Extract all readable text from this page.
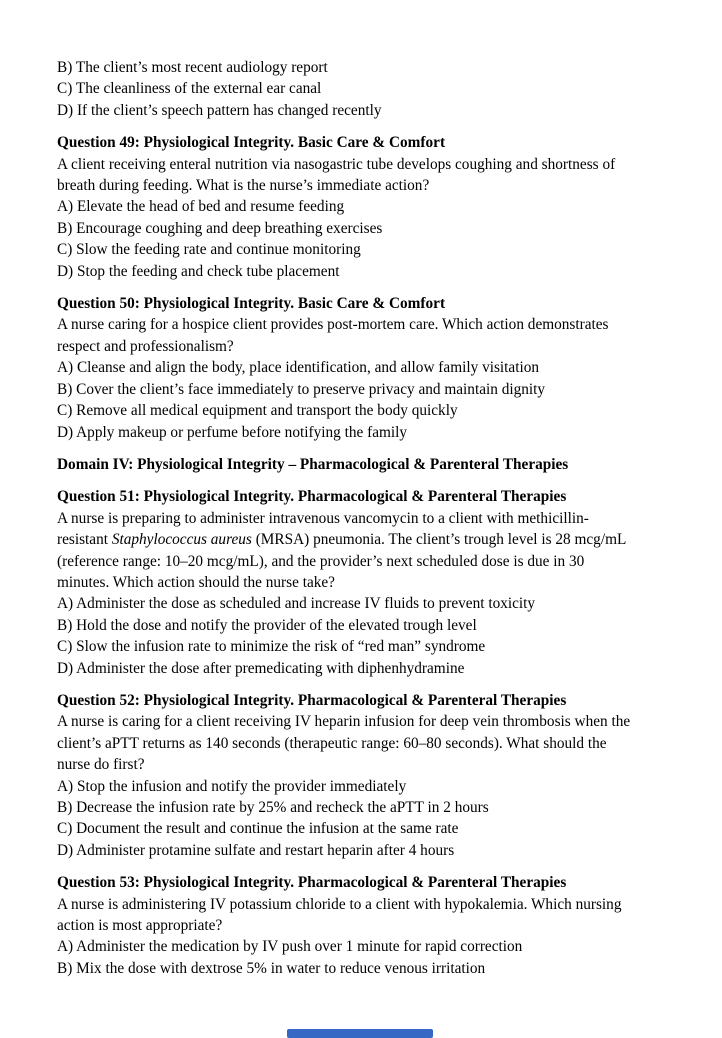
B) The client’s most recent audiology report
C) The cleanliness of the external ear canal
D) If the client’s speech pattern has changed recently
Question 49: Physiological Integrity. Basic Care & Comfort
A client receiving enteral nutrition via nasogastric tube develops coughing and shortness of
breath during feeding. What is the nurse’s immediate action?
A) Elevate the head of bed and resume feeding
B) Encourage coughing and deep breathing exercises
C) Slow the feeding rate and continue monitoring
D) Stop the feeding and check tube placement
Question 50: Physiological Integrity. Basic Care & Comfort
A nurse caring for a hospice client provides post-mortem care. Which action demonstrates
respect and professionalism?
A) Cleanse and align the body, place identification, and allow family visitation
B) Cover the client’s face immediately to preserve privacy and maintain dignity
C) Remove all medical equipment and transport the body quickly
D) Apply makeup or perfume before notifying the family
Domain IV: Physiological Integrity – Pharmacological & Parenteral Therapies
Question 51: Physiological Integrity. Pharmacological & Parenteral Therapies
A nurse is preparing to administer intravenous vancomycin to a client with methicillin-
resistant Staphylococcus aureus (MRSA) pneumonia. The client’s trough level is 28 mcg/mL
(reference range: 10–20 mcg/mL), and the provider’s next scheduled dose is due in 30
minutes. Which action should the nurse take?
A) Administer the dose as scheduled and increase IV fluids to prevent toxicity
B) Hold the dose and notify the provider of the elevated trough level
C) Slow the infusion rate to minimize the risk of “red man” syndrome
D) Administer the dose after premedicating with diphenhydramine
Question 52: Physiological Integrity. Pharmacological & Parenteral Therapies
A nurse is caring for a client receiving IV heparin infusion for deep vein thrombosis when the
client’s aPTT returns as 140 seconds (therapeutic range: 60–80 seconds). What should the
nurse do first?
A) Stop the infusion and notify the provider immediately
B) Decrease the infusion rate by 25% and recheck the aPTT in 2 hours
C) Document the result and continue the infusion at the same rate
D) Administer protamine sulfate and restart heparin after 4 hours
Question 53: Physiological Integrity. Pharmacological & Parenteral Therapies
A nurse is administering IV potassium chloride to a client with hypokalemia. Which nursing
action is most appropriate?
A) Administer the medication by IV push over 1 minute for rapid correction
B) Mix the dose with dextrose 5% in water to reduce venous irritation
